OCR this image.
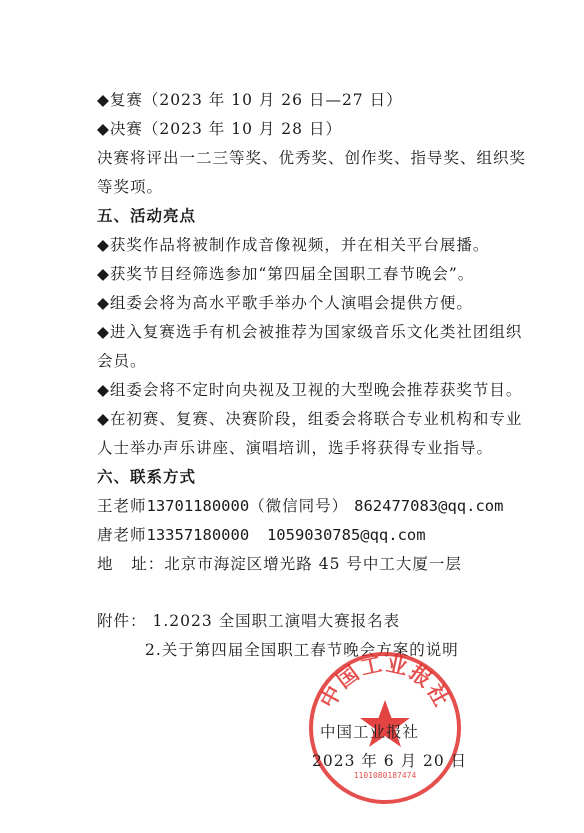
◆复赛（2023 年 10 月 26 日—27 日）
◆决赛（2023 年 10 月 28 日）
决赛将评出一二三等奖、优秀奖、创作奖、指导奖、组织奖
等奖项。
五、活动亮点
◆获奖作品将被制作成音像视频，并在相关平台展播。
◆获奖节目经筛选参加“第四届全国职工春节晚会”。
◆组委会将为高水平歌手举办个人演唱会提供方便。
◆进入复赛选手有机会被推荐为国家级音乐文化类社团组织
会员。
◆组委会将不定时向央视及卫视的大型晚会推荐获奖节目。
◆在初赛、复赛、决赛阶段，组委会将联合专业机构和专业
人士举办声乐讲座、演唱培训，选手将获得专业指导。
六、联系方式
王老师13701180000（微信同号） 862477083@qq.com
唐老师13357180000 1059030785@qq.com
地   址：北京市海淀区增光路 45 号中工大厦一层
附件： 1.2023 全国职工演唱大赛报名表
2.关于第四届全国职工春节晚会方案的说明
中国工业报社
1101080187474
中国工业报社
2023 年 6 月 20 日
